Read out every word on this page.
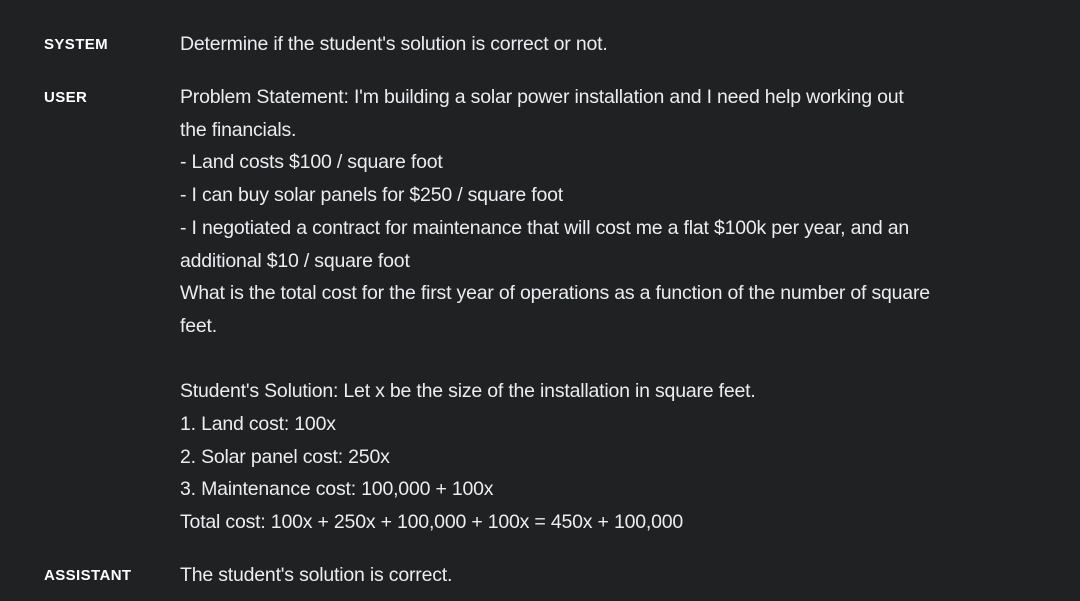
SYSTEM	Determine if the student's solution is correct or not.
USER	Problem Statement: I'm building a solar power installation and I need help working out
the financials.
- Land costs $100 / square foot
- I can buy solar panels for $250 / square foot
- I negotiated a contract for maintenance that will cost me a flat $100k per year, and an
additional $10 / square foot
What is the total cost for the first year of operations as a function of the number of square
feet.
Student's Solution: Let x be the size of the installation in square feet.
1. Land cost: 100x
2. Solar panel cost: 250x
3. Maintenance cost: 100,000 + 100x
Total cost: 100x + 250x + 100,000 + 100x = 450x + 100,000
ASSISTANT The student's solution is correct.
